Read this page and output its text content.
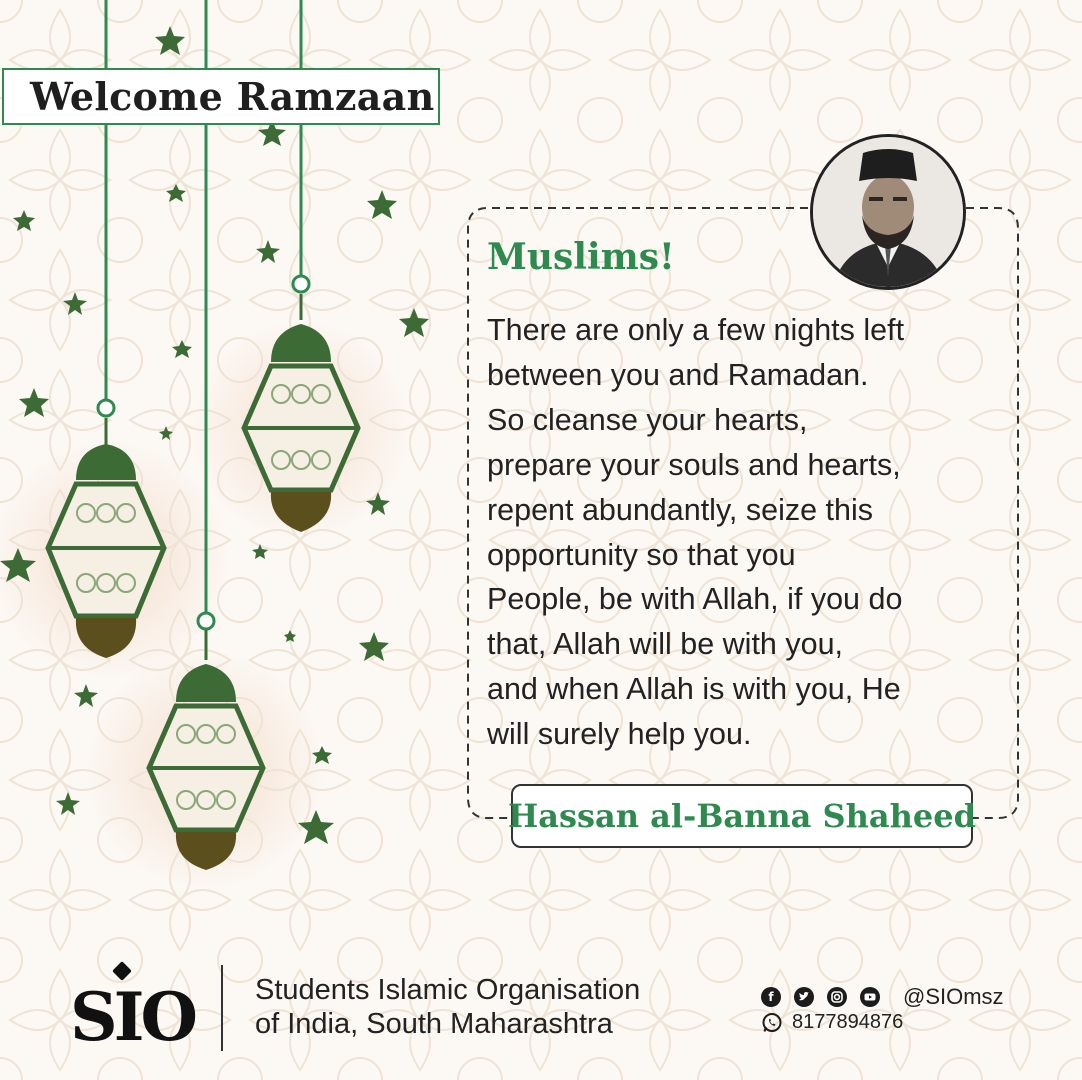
Welcome Ramzaan
Muslims!
There are only a few nights left
between you and Ramadan.
So cleanse your hearts,
prepare your souls and hearts,
repent abundantly, seize this
opportunity so that you
People, be with Allah, if you do
that, Allah will be with you,
and when Allah is with you, He
will surely help you.
Hassan al-Banna Shaheed
SIO Students Islamic Organisation
of India, South Maharashtra
f	@SIOmsz
8177894876
